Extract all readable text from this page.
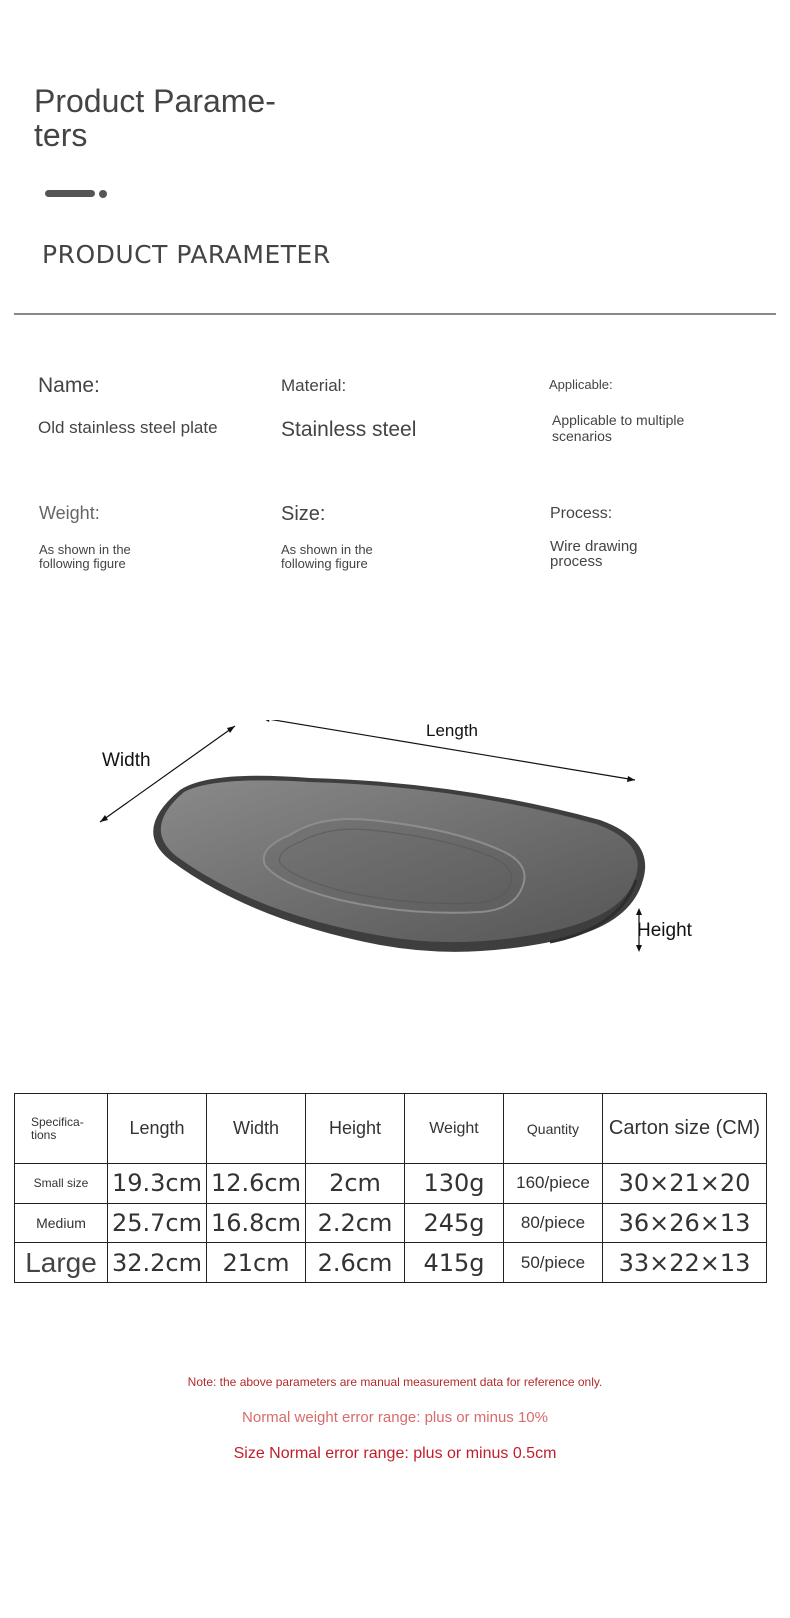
Product Parame-ters
PRODUCT PARAMETER
Name:
Old stainless steel plate
Material:
Stainless steel
Applicable:
Applicable to multiple scenarios
Weight:
As shown in the following figure
Size:
As shown in the following figure
Process:
Wire drawing process
Length
Width
Height
Specifica-tions	Length	Width	Height	Weight	Quantity	Carton size (CM)
Small size	19.3cm	12.6cm	2cm	130g	160/piece	30×21×20
Medium	25.7cm	16.8cm	2.2cm	245g	80/piece	36×26×13
Large	32.2cm	21cm	2.6cm	415g	50/piece	33×22×13
Note: the above parameters are manual measurement data for reference only.
Normal weight error range: plus or minus 10%
Size Normal error range: plus or minus 0.5cm
